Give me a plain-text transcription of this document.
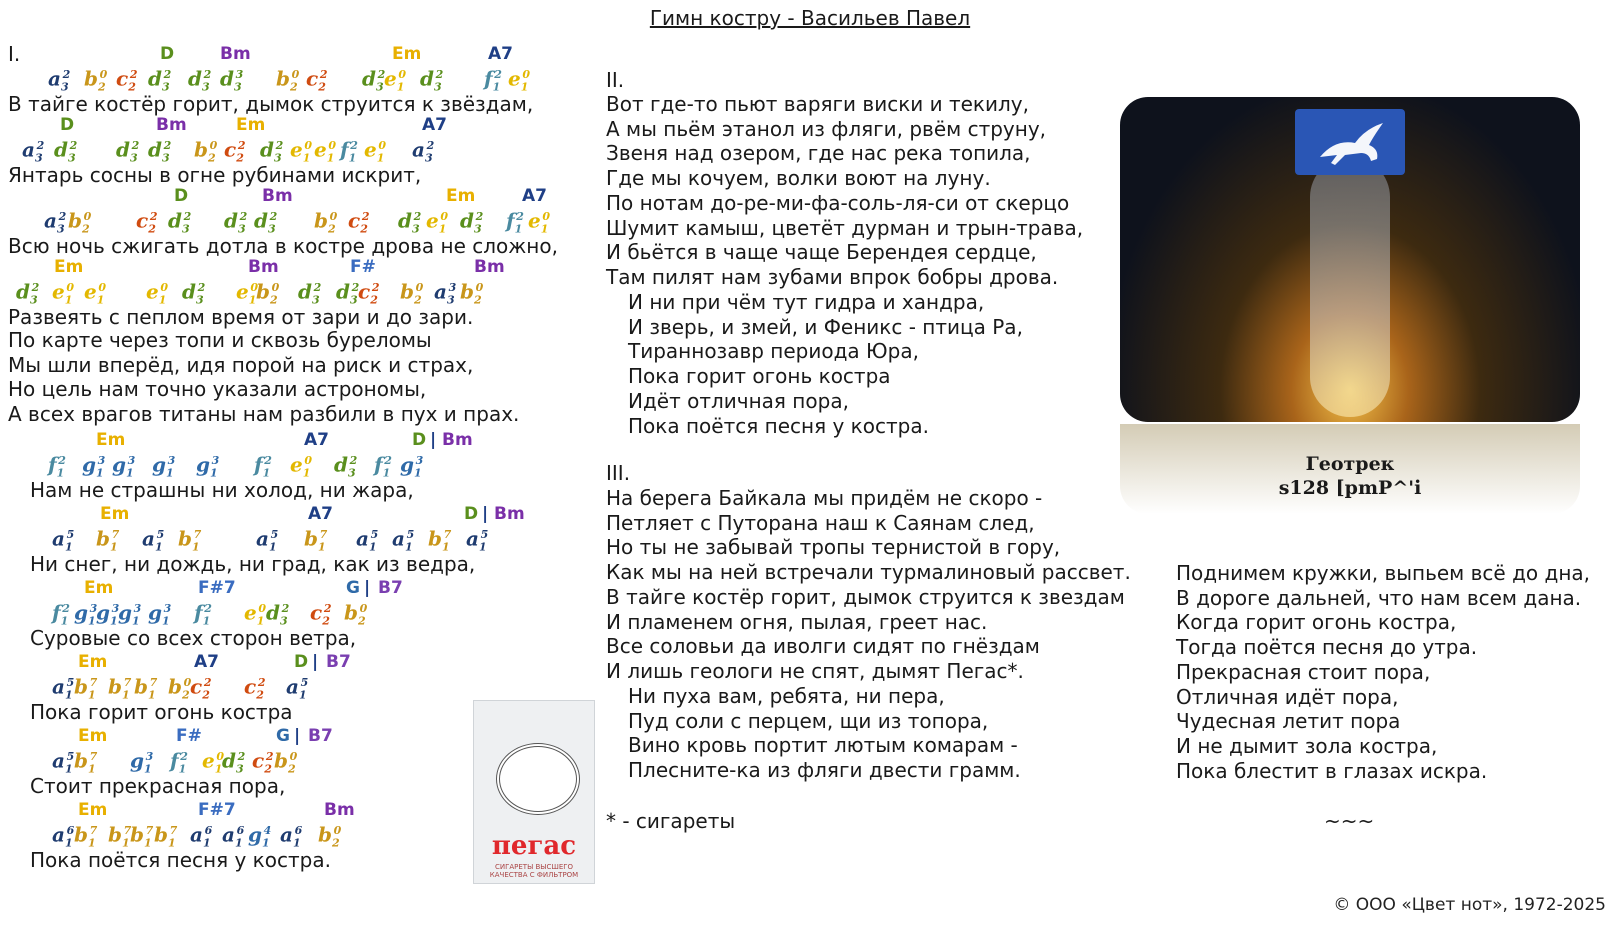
Гимн костру - Васильев Павел
I.	D	Bm	Em	A7
$a_3^2$ $b_2^0$ $c_2^2$ $d_3^2$ $d_3^2$ $d_3^3$ $b_2^0$ $c_2^2$ $d_3^2$
$e_1^0$ $d_3^2$ $f_1^2$ $e_1^0$
В тайге костёр горит, дымок струится к звёздам,
D	Bm	Em	A7
$a_3^2$ $d_3^2$ $d_3^2$ $d_3^2$ $b_2^0$ $c_2^2$ $d_3^2$ $e_1^0$ $e_1^0$ $f_1^2$ $e_1^0$ $a_3^2$
Янтарь сосны в огне рубинами искрит,
D	Bm	Em	A7
$a_3^2$ $b_2^0$ $c_2^2$ $d_3^2$ $d_3^2$ $d_3^2$ $b_2^0$ $c_2^2$ $d_3^2$ $e_1^0$ $d_3^2$ $f_1^2$ $e_1^0$
Всю ночь сжигать дотла в костре дрова не сложно,
Em	Bm	F#	Bm
$d_3^2$ $e_1^0$ $e_1^0$ $e_1^0$ $d_3^2$ $e_1^0$
$b_2^0$ $d_3^2$ $d_3^2$
$c_2^2$ $b_2^0$ $a_3^3$ $b_2^0$
Развеять с пеплом время от зари и до зари.
По карте через топи и сквозь буреломы
Мы шли вперёд, идя порой на риск и страх,
Но цель нам точно указали астрономы,
А всех врагов титаны нам разбили в пух и прах.
Em	A7	D | Bm
$f_1^2$ $g_1^3$ $g_1^3$ $g_1^3$ $g_1^3$ $f_1^2$ $e_1^0$ $d_3^2$ $f_1^2$ $g_1^3$
Нам не страшны ни холод, ни жара,
Em	A7	D | Bm
$a_1^5$ $b_1^7$ $a_1^5$ $b_1^7$	$a_1^5$ $b_1^7$ $a_1^5$ $a_1^5$ $b_1^7$ $a_1^5$
Ни снег, ни дождь, ни град, как из ведра,
Em	F#7	G | B7
$f_1^2$ $g_1^3$
$g_1^3$
$g_1^3$ $g_1^3$ $f_1^2$ $e_1^0$ $d_3^2$ $c_2^2$ $b_2^0$
Суровые со всех сторон ветра,
Em	A7	D | B7
$a_1^5$ $b_1^7$ $b_1^7$ $b_1^7$ $b_2^0$
$c_2^2$ $c_2^2$ $a_1^5$
Пока горит огонь костра
Em	F#	G | B7
$a_1^5$ $b_1^7$ $g_1^3$ $f_1^2$ $e_1^0$
$d_3^2$ $c_2^2$ $b_2^0$
Стоит прекрасная пора,
Em	F#7	Bm
$a_1^6$ $b_1^7$ $b_1^7$
$b_1^7$ $b_1^7$ $a_1^6$ $a_1^6$ $g_1^4$ $a_1^6$ $b_2^0$
Пока поётся песня у костра.
II.
Вот где-то пьют варяги виски и текилу,
А мы пьём этанол из фляги, рвём струну,
Звеня над озером, где нас река топила,
Где мы кочуем, волки воют на луну.
По нотам до-ре-ми-фа-соль-ля-си от скерцо
Шумит камыш, цветёт дурман и трын-трава,
И бьётся в чаще чаще Берендея сердце,
Там пилят нам зубами впрок бобры дрова.
И ни при чём тут гидра и хандра,
И зверь, и змей, и Феникс - птица Ра,
Тираннозавр периода Юра,
Пока горит огонь костра
Идёт отличная пора,
Пока поётся песня у костра.
III.
На берега Байкала мы придём не скоро -
Петляет с Путорана наш к Саянам след,
Но ты не забывай тропы тернистой в гору,
Как мы на ней встречали турмалиновый рассвет.
В тайге костёр горит, дымок струится к звездам
И пламенем огня, пылая, греет нас.
Все соловьи да иволги сидят по гнёздам
И лишь геологи не спят, дымят Пегас*.
Ни пуха вам, ребята, ни пера,
Пуд соли с перцем, щи из топора,
Вино кровь портит лютым комарам -
Плесните-ка из фляги двести грамм.
* - сигареты
Поднимем кружки, выпьем всё до дна,
В дороге дальней, что нам всем дана.
Когда горит огонь костра,
Тогда поётся песня до утра.
Прекрасная стоит пора,
Отличная идёт пора,
Чудесная летит пора
И не дымит зола костра,
Пока блестит в глазах искра.
~~~
Геотрек
s128 [pmP^'i
пегас
СИГАРЕТЫ ВЫСШЕГО КАЧЕСТВА С ФИЛЬТРОМ
© ООО «Цвет нот», 1972-2025
